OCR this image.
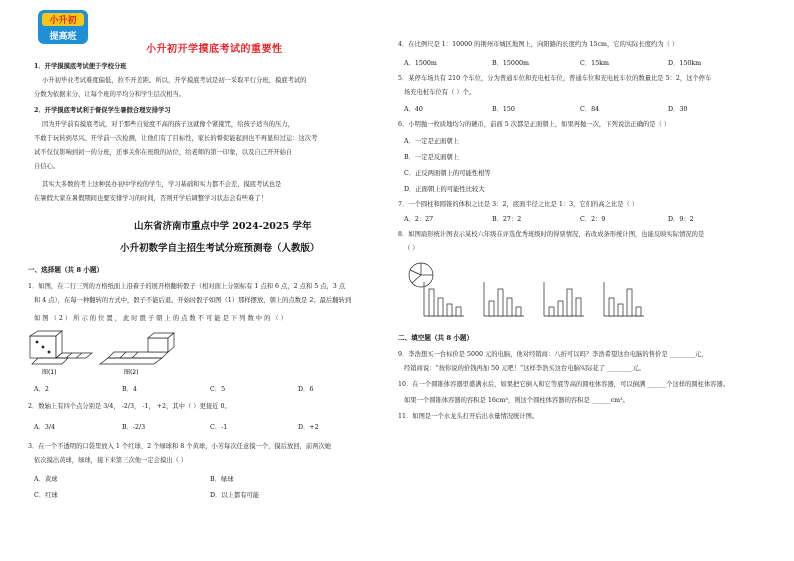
小升初
提高班
小升初开学摸底考试的重要性
1．开学摸摸底考试便于学校分班
小升初毕业考试难度偏低，拉不开差距。所以，开学摸底考试是初一采取平行分班，摸底考试的
分数为依据来分，让每个班的平均分和学生层次相当。
2．开学摸底考试利于督促学生暑假合理安排学习
因为开学前有摸底考试，对于那些自觉度不高的孩子这就像个紧箍咒，给孩子适当的压力，
不敢于玩转到尽兴。开学前一次检测，让他们有了目标性，家长的督促能起到也不再显但过运：这次考
试不仅仅影响到初一的分班，还事关你在班级的站位，给老师的第一印象，以及自己开开始自
自信心。
其实大多数的考上这种民办初中学校的学生，学习基础和实力都不会差，摸底考试也是
在暑假大家在暑假期间也要安排学习的时间，否则开学后调整学习状态会有些难了！
山东省济南市重点中学 2024-2025 学年
小升初数学自主招生考试分班预测卷（人教版）
一、选择题（共 8 小题）
1．如图，在二行三列的方格纸面上沿着子的展开格翻转骰子（相对面上分别标有 1 点和 6 点，2 点和 5 点，3 点
和 4 点），在每一种翻转的方式中，骰子不能后退。开始时骰子如图（1）那样摆放，朝上的点数是 2；最后翻转到
如 图 （ 2 ） 所 示 的 位 置 ， 此 时 骰 子 朝 上 的 点 数 不 可 能 是 下 列 数 中 的 （ ）
图(1)	图(2)
A．2	B．4	C．5	D．6
2．数轴上有四个点分别是 3/4， -2/3， -1， +2，其中（ ）更接近 0。
A．3/4	B．-2/3	C．-1	D．+2
3．在一个不透明的口袋里放入 1 个红球、2 个绿球和 8 个黄球，小芳每次任意摸一个，摸后放回，前两次她
依次摸出黄球，绿球，接下来第三次他一定会摸出（ ）
A．黄球	B．绿球
C．红球	D．以上都有可能
4．在比例尺是 1：10000 的荆州市城区地图上，向阳路的长度约为 15cm，它的实际长度约为（ ）
A．1500m	B．15000m	C．15km	D．150km
5．某停车场共有 210 个车位，分为普通车位和充电桩车位，普通车位和充电桩车位的数量比是 5：2，这个停车
场充电桩车位有（ ）个。
A．40	B．150	C．84	D．30
6．小明抛一枚质地均匀的硬币，前面 5 次都是正面朝上，如果再抛一次，下列说法正确的是（ ）
A．一定是正面朝上
B．一定是反面朝上
C．正反两面朝上的可能性相等
D．正面朝上的可能性比较大
7．一个圆柱和圆锥的体积之比是 3：2，底面半径之比是 1：3，它们的高之比是（ ）
A．2：27	B．27：2	C．2：9	D．9：2
8．如图扇形统计图表示某校六年级在评选优秀班级时的得票情况，若改成条形统计图，也能反映实际情况的是
（ ）
二、填空题（共 8 小题）
9．李浩想买一台标价是 5000 元的电脑，他对经销商：八折可以吗？李浩希望这台电脑的售价是 ________元，
经销商说：“按你说的价钱再加 50 元吧！”这样李浩买这台电脑实际花了 ________元。
10．在一个圆锥体容器里盛满水后，如果把它倒入和它等底等高的圆柱体容器，可以倒满 ______个这样的圆柱体容器。
如果一个圆锥体容器的容积是 16cm³，则这个圆柱体容器的容积是 ______cm³。
11．如图是一个水龙头打开后出水量情况统计图。
